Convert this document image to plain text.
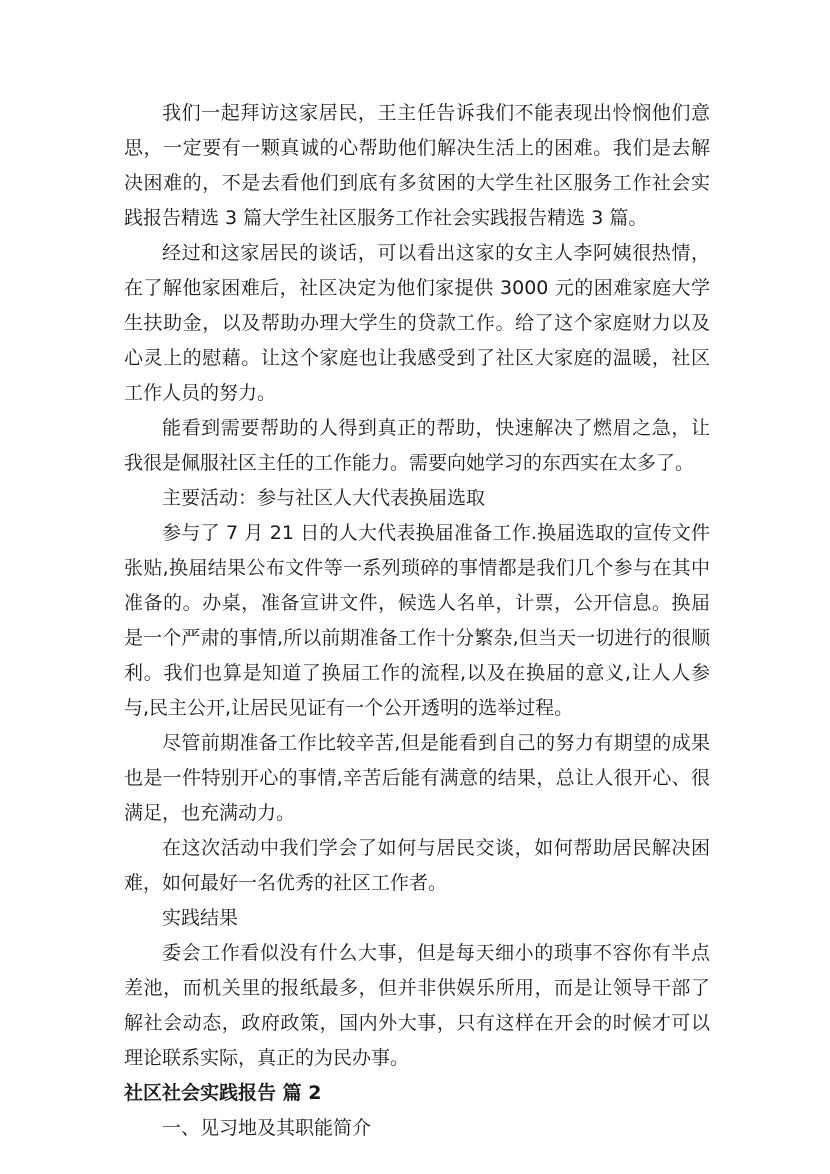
我们一起拜访这家居民，王主任告诉我们不能表现出怜悯他们意思，一定要有一颗真诚的心帮助他们解决生活上的困难。我们是去解决困难的，不是去看他们到底有多贫困的大学生社区服务工作社会实践报告精选 3 篇大学生社区服务工作社会实践报告精选 3 篇。

经过和这家居民的谈话，可以看出这家的女主人李阿姨很热情，在了解他家困难后，社区决定为他们家提供 3000 元的困难家庭大学生扶助金，以及帮助办理大学生的贷款工作。给了这个家庭财力以及心灵上的慰藉。让这个家庭也让我感受到了社区大家庭的温暖，社区工作人员的努力。

能看到需要帮助的人得到真正的帮助，快速解决了燃眉之急，让我很是佩服社区主任的工作能力。需要向她学习的东西实在太多了。

主要活动：参与社区人大代表换届选取

参与了 7 月 21 日的人大代表换届准备工作.换届选取的宣传文件张贴,换届结果公布文件等一系列琐碎的事情都是我们几个参与在其中准备的。办桌，准备宣讲文件，候选人名单，计票，公开信息。换届是一个严肃的事情,所以前期准备工作十分繁杂,但当天一切进行的很顺利。我们也算是知道了换届工作的流程,以及在换届的意义,让人人参与,民主公开,让居民见证有一个公开透明的选举过程。

尽管前期准备工作比较辛苦,但是能看到自己的努力有期望的成果也是一件特别开心的事情,辛苦后能有满意的结果，总让人很开心、很满足，也充满动力。

在这次活动中我们学会了如何与居民交谈，如何帮助居民解决困难，如何最好一名优秀的社区工作者。

实践结果

委会工作看似没有什么大事，但是每天细小的琐事不容你有半点差池，而机关里的报纸最多，但并非供娱乐所用，而是让领导干部了解社会动态，政府政策，国内外大事，只有这样在开会的时候才可以理论联系实际，真正的为民办事。

社区社会实践报告 篇 2

一、见习地及其职能简介
